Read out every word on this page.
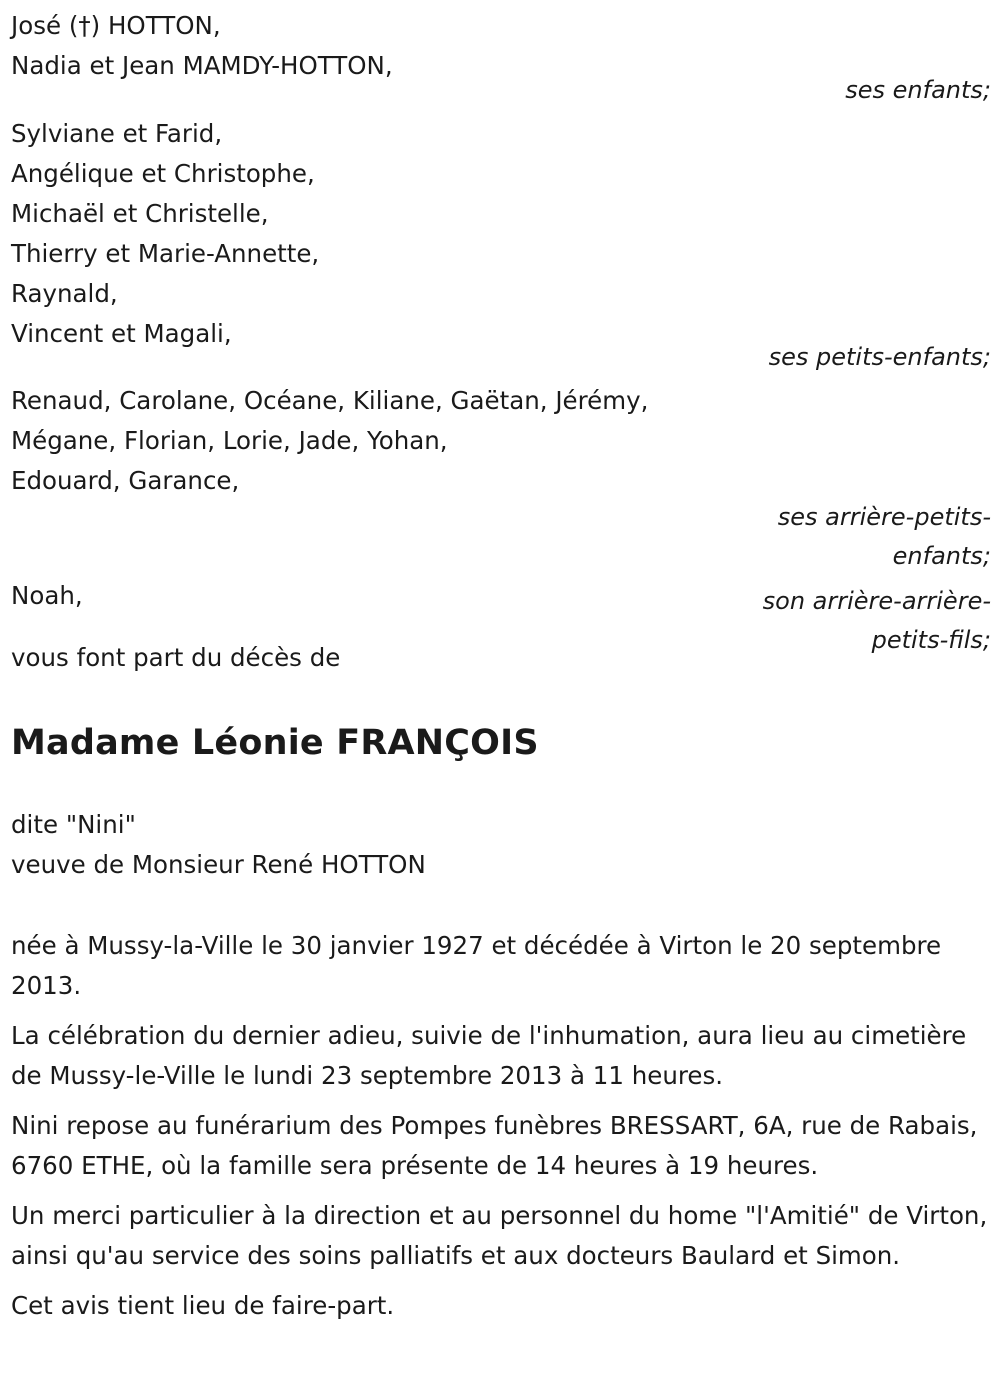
José (†) HOTTON,
Nadia et Jean MAMDY-HOTTON,
ses enfants;
Sylviane et Farid,
Angélique et Christophe,
Michaël et Christelle,
Thierry et Marie-Annette,
Raynald,
Vincent et Magali,
ses petits-enfants;
Renaud, Carolane, Océane, Kiliane, Gaëtan, Jérémy,
Mégane, Florian, Lorie, Jade, Yohan,
Edouard, Garance,
ses arrière-petits-
enfants;
Noah,	son arrière-arrière-
petits-fils;
vous font part du décès de
Madame Léonie FRANÇOIS
dite "Nini"
veuve de Monsieur René HOTTON
née à Mussy-la-Ville le 30 janvier 1927 et décédée à Virton le 20 septembre 2013.
La célébration du dernier adieu, suivie de l'inhumation, aura lieu au cimetière de Mussy-le-Ville le lundi 23 septembre 2013 à 11 heures.
Nini repose au funérarium des Pompes funèbres BRESSART, 6A, rue de Rabais, 6760 ETHE, où la famille sera présente de 14 heures à 19 heures.
Un merci particulier à la direction et au personnel du home "l'Amitié" de Virton, ainsi qu'au service des soins palliatifs et aux docteurs Baulard et Simon.
Cet avis tient lieu de faire-part.
